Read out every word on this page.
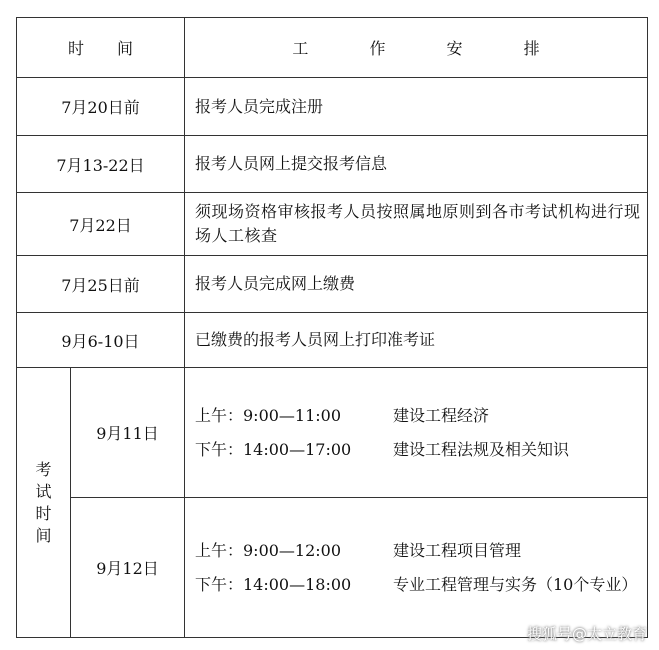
时 间		工 作 安 排
7月20日前		报考人员完成注册
7月13-22日		报考人员网上提交报考信息
7月22日		须现场资格审核报考人员按照属地原则到各市考试机构进行现场人工核查

7月25日前		报考人员完成网上缴费
9月6-10日		已缴费的报考人员网上打印准考证
考试时间	9月11日	上午：9:00—11:00 建设工程经济
下午：14:00—17:00 建设工程法规及相关知识

	9月12日	上午：9:00—12:00 建设工程项目管理
下午：14:00—18:00 专业工程管理与实务（10个专业）
搜狐号@太立教育
